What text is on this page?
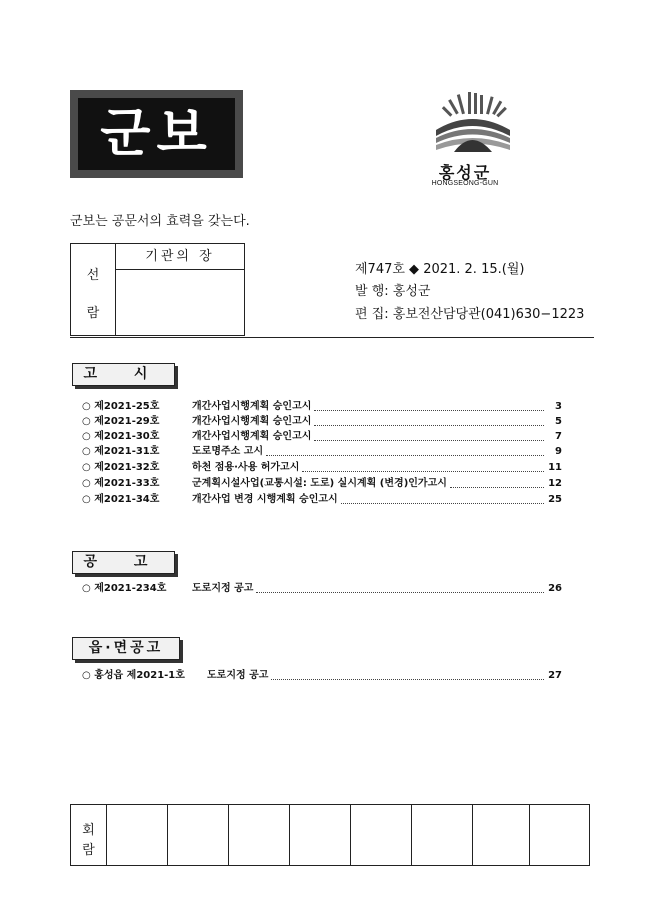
군보
홍성군
HONGSEONG-GUN
군보는 공문서의 효력을 갖는다.
선
람
기관의 장
제747호 ◆ 2021. 2. 15.(월)
발 행: 홍성군
편 집: 홍보전산담당관(041)630−1223
고 시
○ 제2021-25호	개간사업시행계획 승인고시	3
○ 제2021-29호	개간사업시행계획 승인고시	5
○ 제2021-30호	개간사업시행계획 승인고시	7
○ 제2021-31호	도로명주소 고시	9
○ 제2021-32호	하천 점용·사용 허가고시	11
○ 제2021-33호	군계획시설사업(교통시설: 도로) 실시계획 (변경)인가고시	12
○ 제2021-34호	개간사업 변경 시행계획 승인고시	25
공 고
○ 제2021-234호	도로지정 공고	26
읍·면공고
○ 홍성읍 제2021-1호	도로지정 공고	27
회
람
